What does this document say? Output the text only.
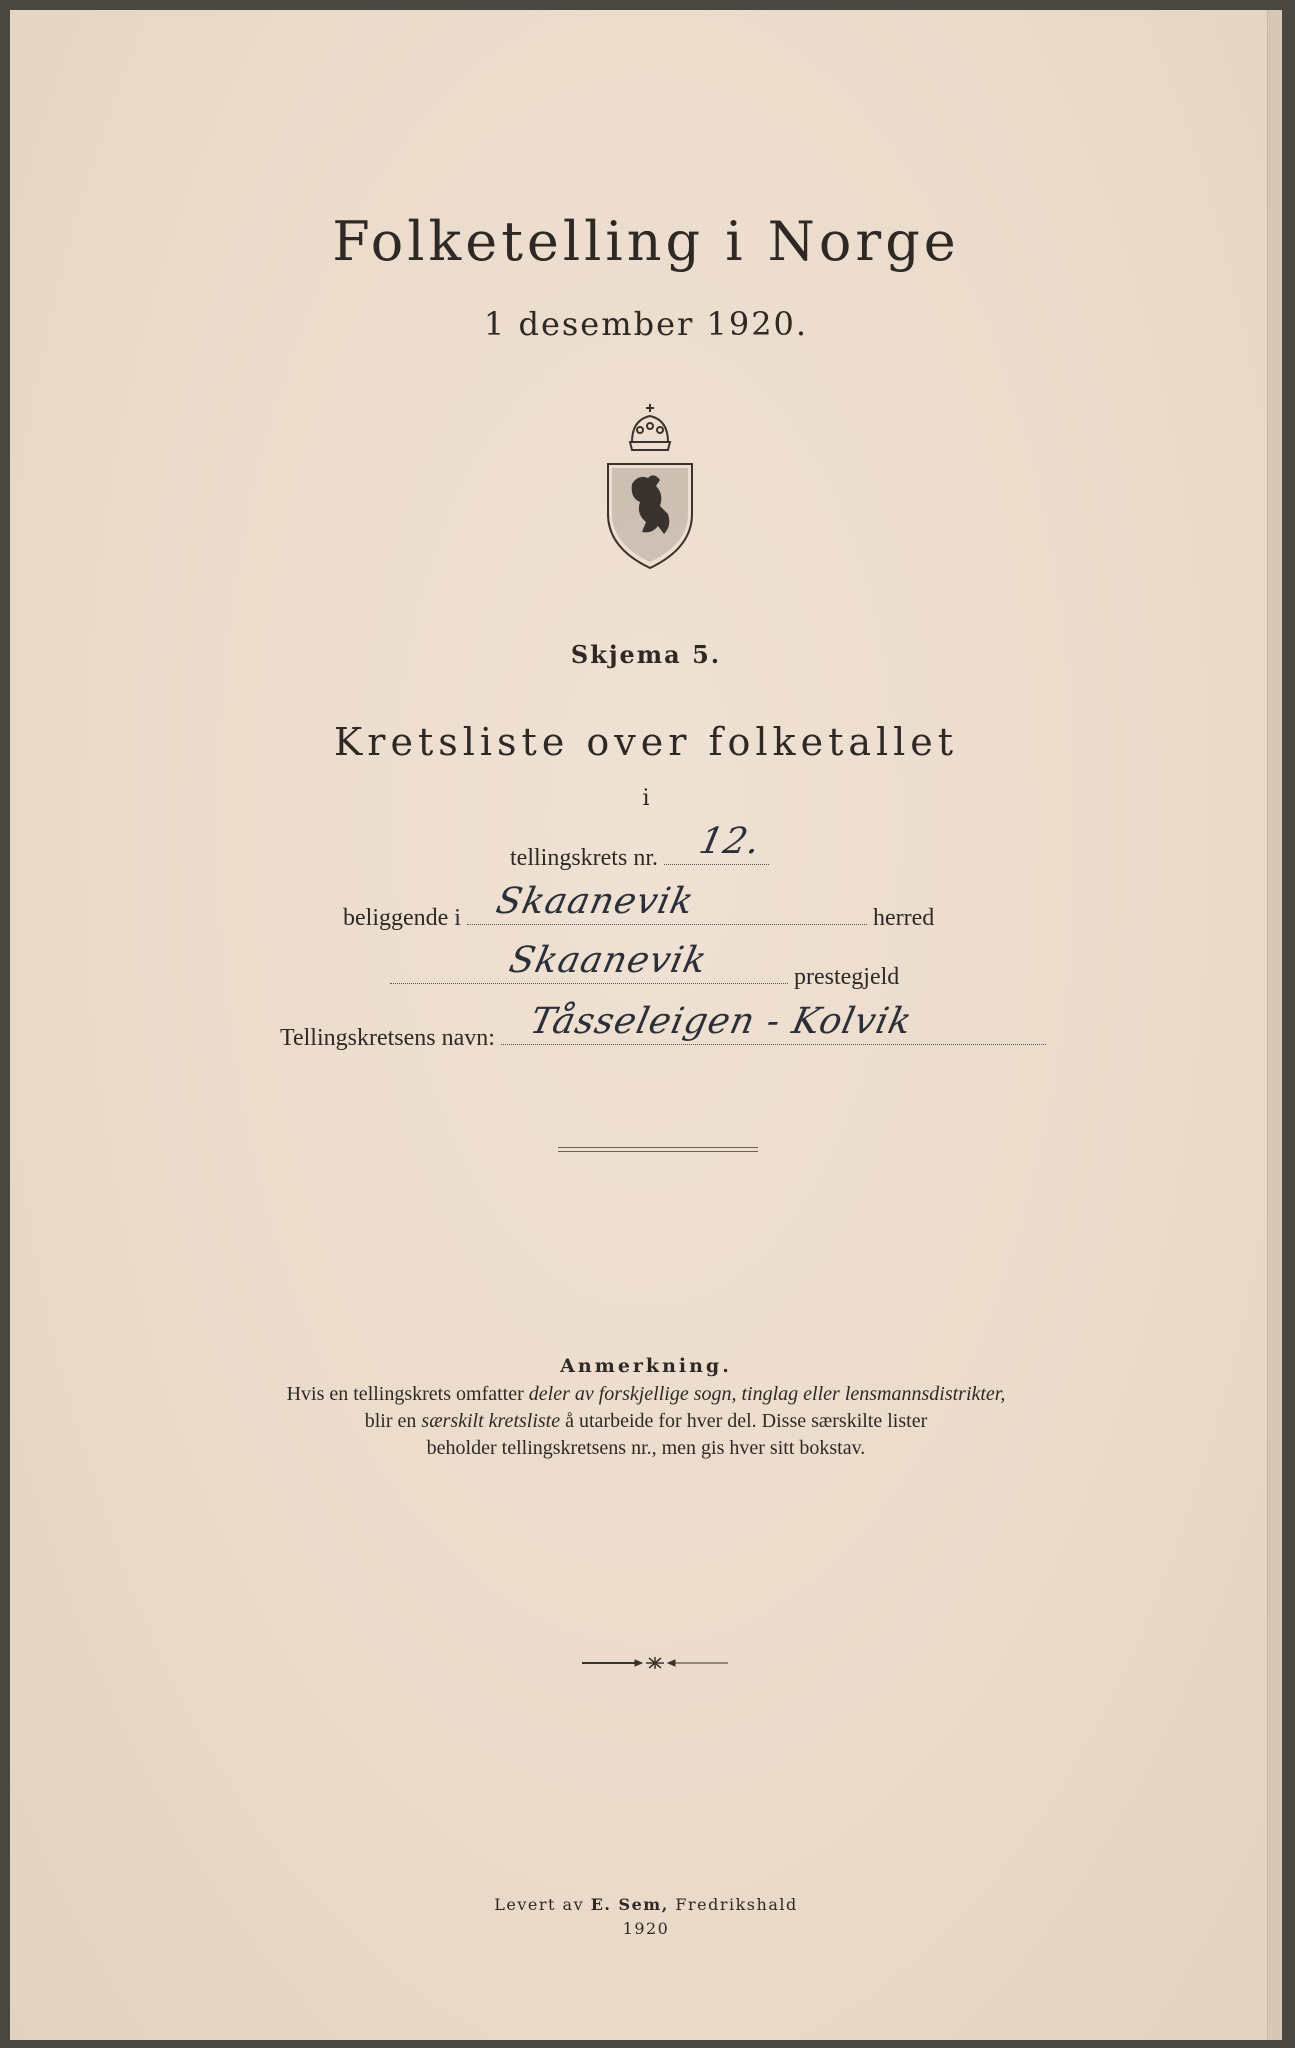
Folketelling i Norge
1 desember 1920.
Skjema 5.
Kretsliste over folketallet
i
tellingskrets nr. 12.
beliggende i Skaanevik	herred
Skaanevik	prestegjeld
Tellingskretsens navn: Tåsseleigen - Kolvik
Anmerkning.
Hvis en tellingskrets omfatter deler av forskjellige sogn, tinglag eller lensmannsdistrikter,
blir en særskilt kretsliste å utarbeide for hver del. Disse særskilte lister
beholder tellingskretsens nr., men gis hver sitt bokstav.
Levert av E. Sem, Fredrikshald
1920
